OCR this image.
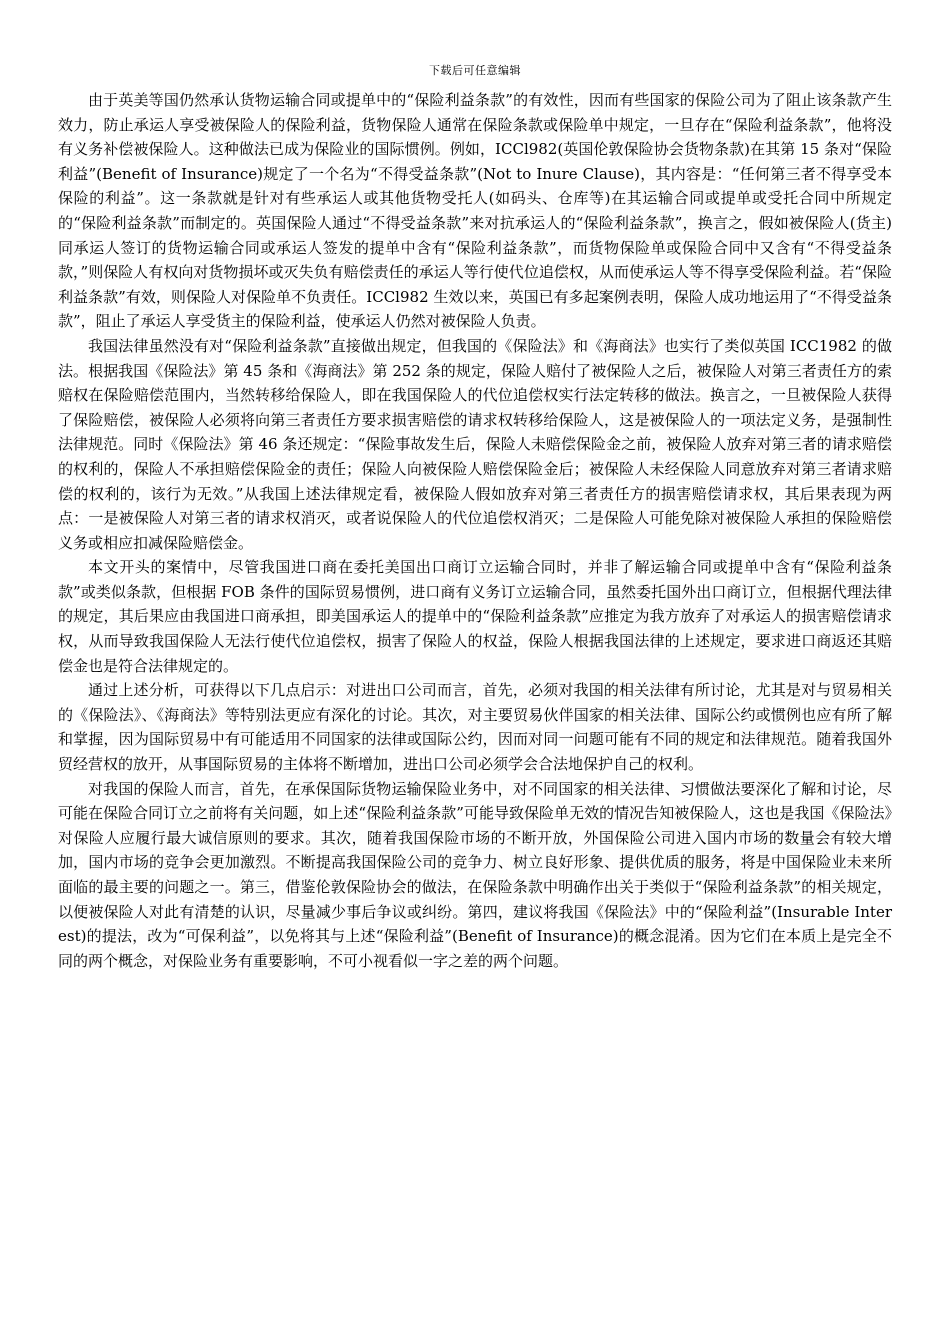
下载后可任意编辑

由于英美等国仍然承认货物运输合同或提单中的“保险利益条款”的有效性，因而有些国家的保险公司为了阻止该条款产生效力，防止承运人享受被保险人的保险利益，货物保险人通常在保险条款或保险单中规定，一旦存在“保险利益条款”，他将没有义务补偿被保险人。这种做法已成为保险业的国际惯例。例如，ICCl982(英国伦敦保险协会货物条款)在其第 15 条对“保险利益”(Benefit of Insurance)规定了一个名为“不得受益条款”(Not to Inure Clause)，其内容是：“任何第三者不得享受本保险的利益”。这一条款就是针对有些承运人或其他货物受托人(如码头、仓库等)在其运输合同或提单或受托合同中所规定的“保险利益条款”而制定的。英国保险人通过“不得受益条款”来对抗承运人的“保险利益条款”，换言之，假如被保险人(货主)同承运人签订的货物运输合同或承运人签发的提单中含有“保险利益条款”，而货物保险单或保险合同中又含有“不得受益条款，”则保险人有权向对货物损坏或灭失负有赔偿责任的承运人等行使代位追偿权，从而使承运人等不得享受保险利益。若“保险利益条款”有效，则保险人对保险单不负责任。ICCl982 生效以来，英国已有多起案例表明，保险人成功地运用了“不得受益条款”，阻止了承运人享受货主的保险利益，使承运人仍然对被保险人负责。

我国法律虽然没有对“保险利益条款”直接做出规定，但我国的《保险法》和《海商法》也实行了类似英国 ICC1982 的做法。根据我国《保险法》第 45 条和《海商法》第 252 条的规定，保险人赔付了被保险人之后，被保险人对第三者责任方的索赔权在保险赔偿范围内，当然转移给保险人，即在我国保险人的代位追偿权实行法定转移的做法。换言之，一旦被保险人获得了保险赔偿，被保险人必须将向第三者责任方要求损害赔偿的请求权转移给保险人，这是被保险人的一项法定义务，是强制性法律规范。同时《保险法》第 46 条还规定：“保险事故发生后，保险人未赔偿保险金之前，被保险人放弃对第三者的请求赔偿的权利的，保险人不承担赔偿保险金的责任；保险人向被保险人赔偿保险金后；被保险人未经保险人同意放弃对第三者请求赔偿的权利的，该行为无效。”从我国上述法律规定看，被保险人假如放弃对第三者责任方的损害赔偿请求权，其后果表现为两点：一是被保险人对第三者的请求权消灭，或者说保险人的代位追偿权消灭；二是保险人可能免除对被保险人承担的保险赔偿义务或相应扣减保险赔偿金。

本文开头的案情中，尽管我国进口商在委托美国出口商订立运输合同时，并非了解运输合同或提单中含有“保险利益条款”或类似条款，但根据 FOB 条件的国际贸易惯例，进口商有义务订立运输合同，虽然委托国外出口商订立，但根据代理法律的规定，其后果应由我国进口商承担，即美国承运人的提单中的“保险利益条款”应推定为我方放弃了对承运人的损害赔偿请求权，从而导致我国保险人无法行使代位追偿权，损害了保险人的权益，保险人根据我国法律的上述规定，要求进口商返还其赔偿金也是符合法律规定的。

通过上述分析，可获得以下几点启示：对进出口公司而言，首先，必须对我国的相关法律有所讨论，尤其是对与贸易相关的《保险法》、《海商法》等特别法更应有深化的讨论。其次，对主要贸易伙伴国家的相关法律、国际公约或惯例也应有所了解和掌握，因为国际贸易中有可能适用不同国家的法律或国际公约，因而对同一问题可能有不同的规定和法律规范。随着我国外贸经营权的放开，从事国际贸易的主体将不断增加，进出口公司必须学会合法地保护自己的权利。

对我国的保险人而言，首先，在承保国际货物运输保险业务中，对不同国家的相关法律、习惯做法要深化了解和讨论，尽可能在保险合同订立之前将有关问题，如上述“保险利益条款”可能导致保险单无效的情况告知被保险人，这也是我国《保险法》对保险人应履行最大诚信原则的要求。其次，随着我国保险市场的不断开放，外国保险公司进入国内市场的数量会有较大增加，国内市场的竞争会更加激烈。不断提高我国保险公司的竞争力、树立良好形象、提供优质的服务，将是中国保险业未来所面临的最主要的问题之一。第三，借鉴伦敦保险协会的做法，在保险条款中明确作出关于类似于“保险利益条款”的相关规定，以便被保险人对此有清楚的认识，尽量减少事后争议或纠纷。第四，建议将我国《保险法》中的“保险利益”(Insurable Interest)的提法，改为“可保利益”，以免将其与上述“保险利益”(Benefit of Insurance)的概念混淆。因为它们在本质上是完全不同的两个概念，对保险业务有重要影响，不可小视看似一字之差的两个问题。
